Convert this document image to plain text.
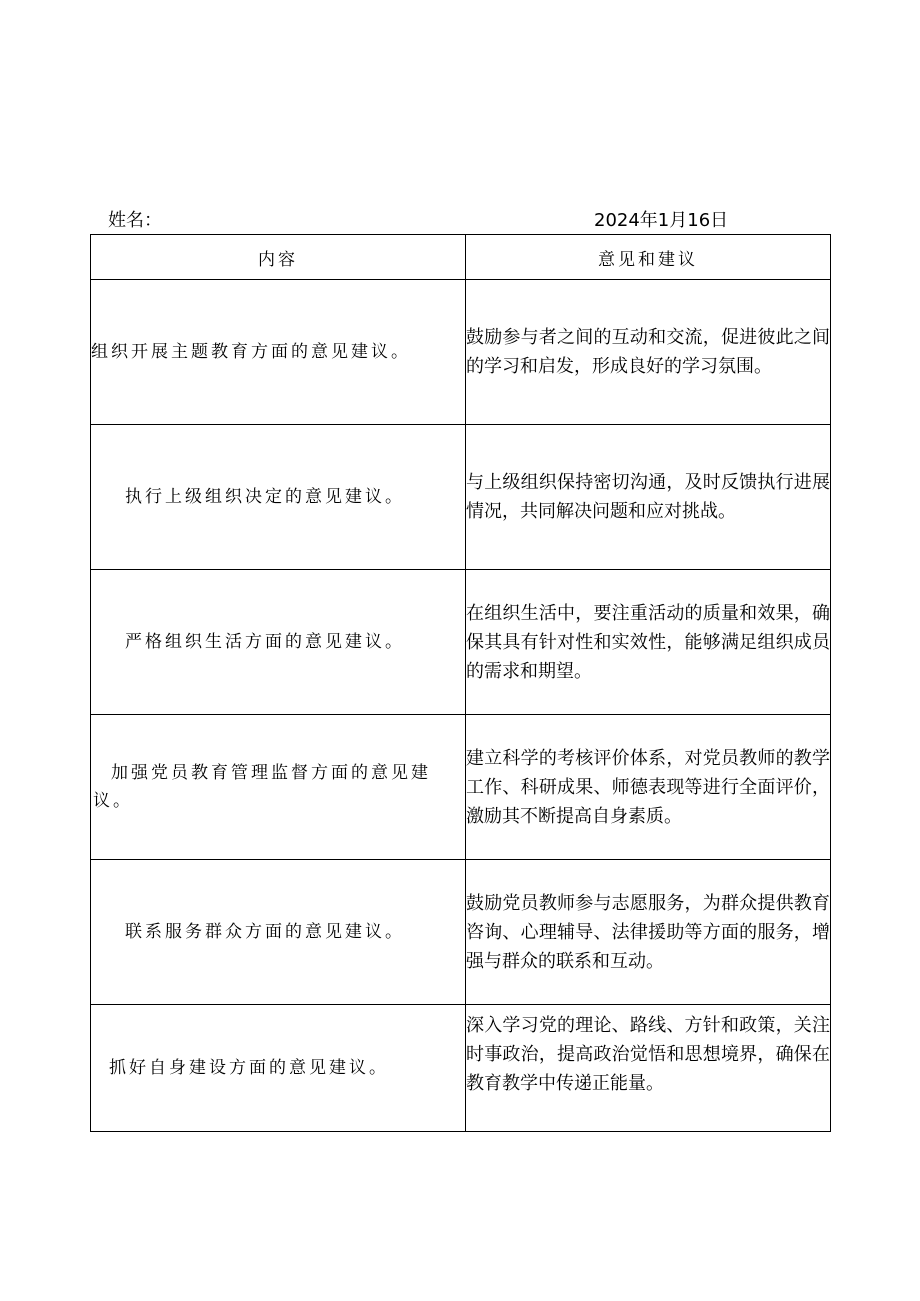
姓名：	2024年1月16日
内容	意见和建议
组织开展主题教育方面的意见建议。	鼓励参与者之间的互动和交流，促进彼此之间的学习和启发，形成良好的学习氛围。
执行上级组织决定的意见建议。	与上级组织保持密切沟通，及时反馈执行进展情况，共同解决问题和应对挑战。
严格组织生活方面的意见建议。	在组织生活中，要注重活动的质量和效果，确保其具有针对性和实效性，能够满足组织成员的需求和期望。
加强党员教育管理监督方面的意见建议。	建立科学的考核评价体系，对党员教师的教学工作、科研成果、师德表现等进行全面评价，激励其不断提高自身素质。
联系服务群众方面的意见建议。	鼓励党员教师参与志愿服务，为群众提供教育咨询、心理辅导、法律援助等方面的服务，增强与群众的联系和互动。
抓好自身建设方面的意见建议。	深入学习党的理论、路线、方针和政策，关注时事政治，提高政治觉悟和思想境界，确保在教育教学中传递正能量。
